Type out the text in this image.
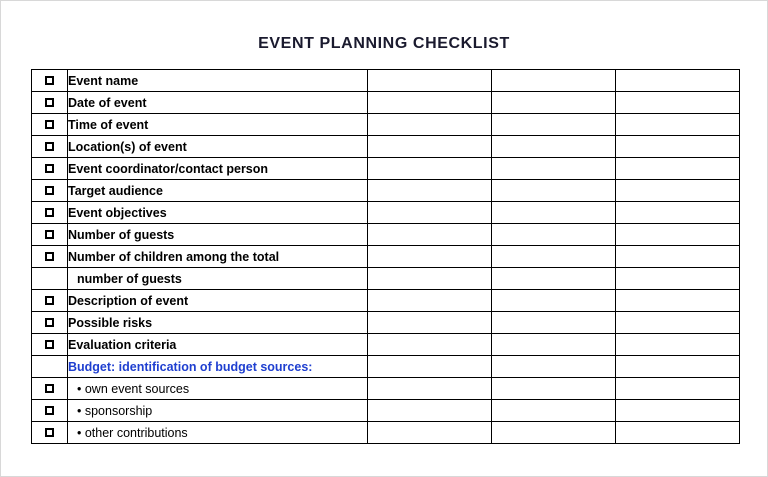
EVENT PLANNING CHECKLIST
	Event name			
	Date of event			
	Time of event			
	Location(s) of event			
	Event coordinator/contact person			
	Target audience			
	Event objectives			
	Number of guests			
	Number of children among the total			
	number of guests			
	Description of event			
	Possible risks			
	Evaluation criteria			
	Budget: identification of budget sources:			
	• own event sources			
	• sponsorship			
	• other contributions			
